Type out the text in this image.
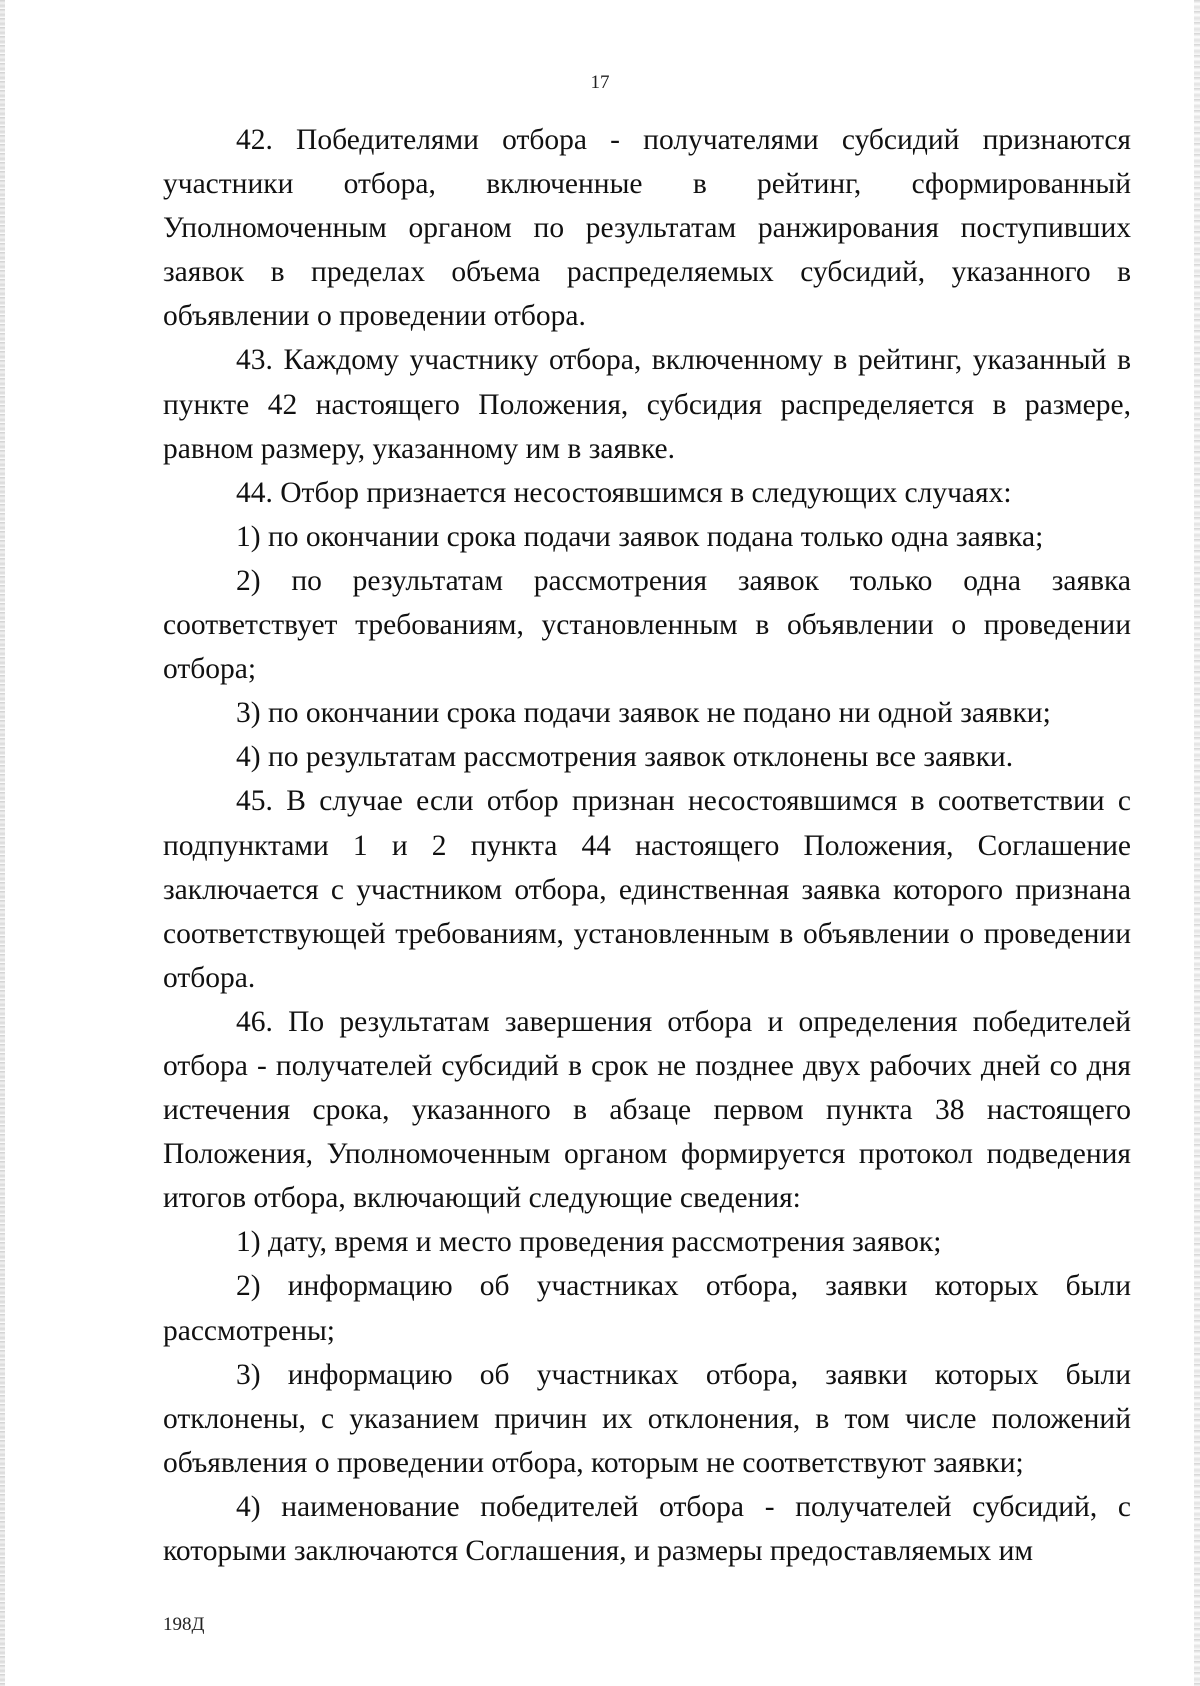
17

42. Победителями отбора - получателями субсидий признаются участники отбора, включенные в рейтинг, сформированный Уполномоченным органом по результатам ранжирования поступивших заявок в пределах объема распределяемых субсидий, указанного в объявлении о проведении отбора.

43. Каждому участнику отбора, включенному в рейтинг, указанный в пункте 42 настоящего Положения, субсидия распределяется в размере, равном размеру, указанному им в заявке.

44. Отбор признается несостоявшимся в следующих случаях:

1) по окончании срока подачи заявок подана только одна заявка;

2) по результатам рассмотрения заявок только одна заявка соответствует требованиям, установленным в объявлении о проведении отбора;

3) по окончании срока подачи заявок не подано ни одной заявки;

4) по результатам рассмотрения заявок отклонены все заявки.

45. В случае если отбор признан несостоявшимся в соответствии с подпунктами 1 и 2 пункта 44 настоящего Положения, Соглашение заключается с участником отбора, единственная заявка которого признана соответствующей требованиям, установленным в объявлении о проведении отбора.

46. По результатам завершения отбора и определения победителей отбора - получателей субсидий в срок не позднее двух рабочих дней со дня истечения срока, указанного в абзаце первом пункта 38 настоящего Положения, Уполномоченным органом формируется протокол подведения итогов отбора, включающий следующие сведения:

1) дату, время и место проведения рассмотрения заявок;

2) информацию об участниках отбора, заявки которых были рассмотрены;

3) информацию об участниках отбора, заявки которых были отклонены, с указанием причин их отклонения, в том числе положений объявления о проведении отбора, которым не соответствуют заявки;

4) наименование победителей отбора - получателей субсидий, с которыми заключаются Соглашения, и размеры предоставляемых им

198Д
